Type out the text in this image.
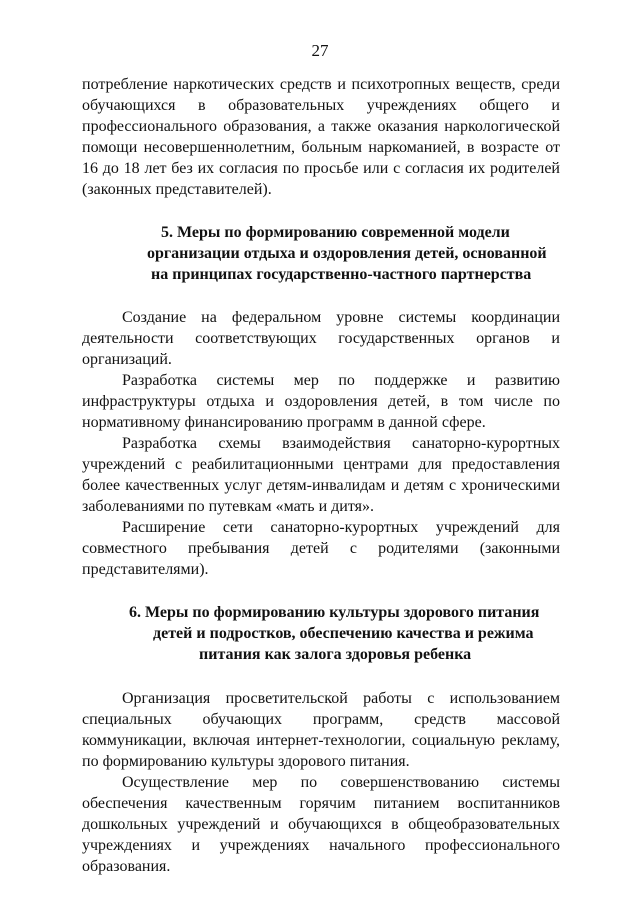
27
потребление наркотических средств и психотропных веществ, среди
обучающихся в образовательных учреждениях общего и
профессионального образования, а также оказания наркологической
помощи несовершеннолетним, больным наркоманией, в возрасте от
16 до 18 лет без их согласия по просьбе или с согласия их родителей
(законных представителей).
5. Меры по формированию современной модели
организации отдыха и оздоровления детей, основанной
на принципах государственно-частного партнерства
Создание на федеральном уровне системы координации
деятельности соответствующих государственных органов и
организаций.
Разработка системы мер по поддержке и развитию
инфраструктуры отдыха и оздоровления детей, в том числе по
нормативному финансированию программ в данной сфере.
Разработка схемы взаимодействия санаторно-курортных
учреждений с реабилитационными центрами для предоставления
более качественных услуг детям-инвалидам и детям с хроническими
заболеваниями по путевкам «мать и дитя».
Расширение сети санаторно-курортных учреждений для
совместного пребывания детей с родителями (законными
представителями).
6. Меры по формированию культуры здорового питания
детей и подростков, обеспечению качества и режима
питания как залога здоровья ребенка
Организация просветительской работы с использованием
специальных обучающих программ, средств массовой
коммуникации, включая интернет-технологии, социальную рекламу,
по формированию культуры здорового питания.
Осуществление мер по совершенствованию системы
обеспечения качественным горячим питанием воспитанников
дошкольных учреждений и обучающихся в общеобразовательных
учреждениях и учреждениях начального профессионального
образования.
